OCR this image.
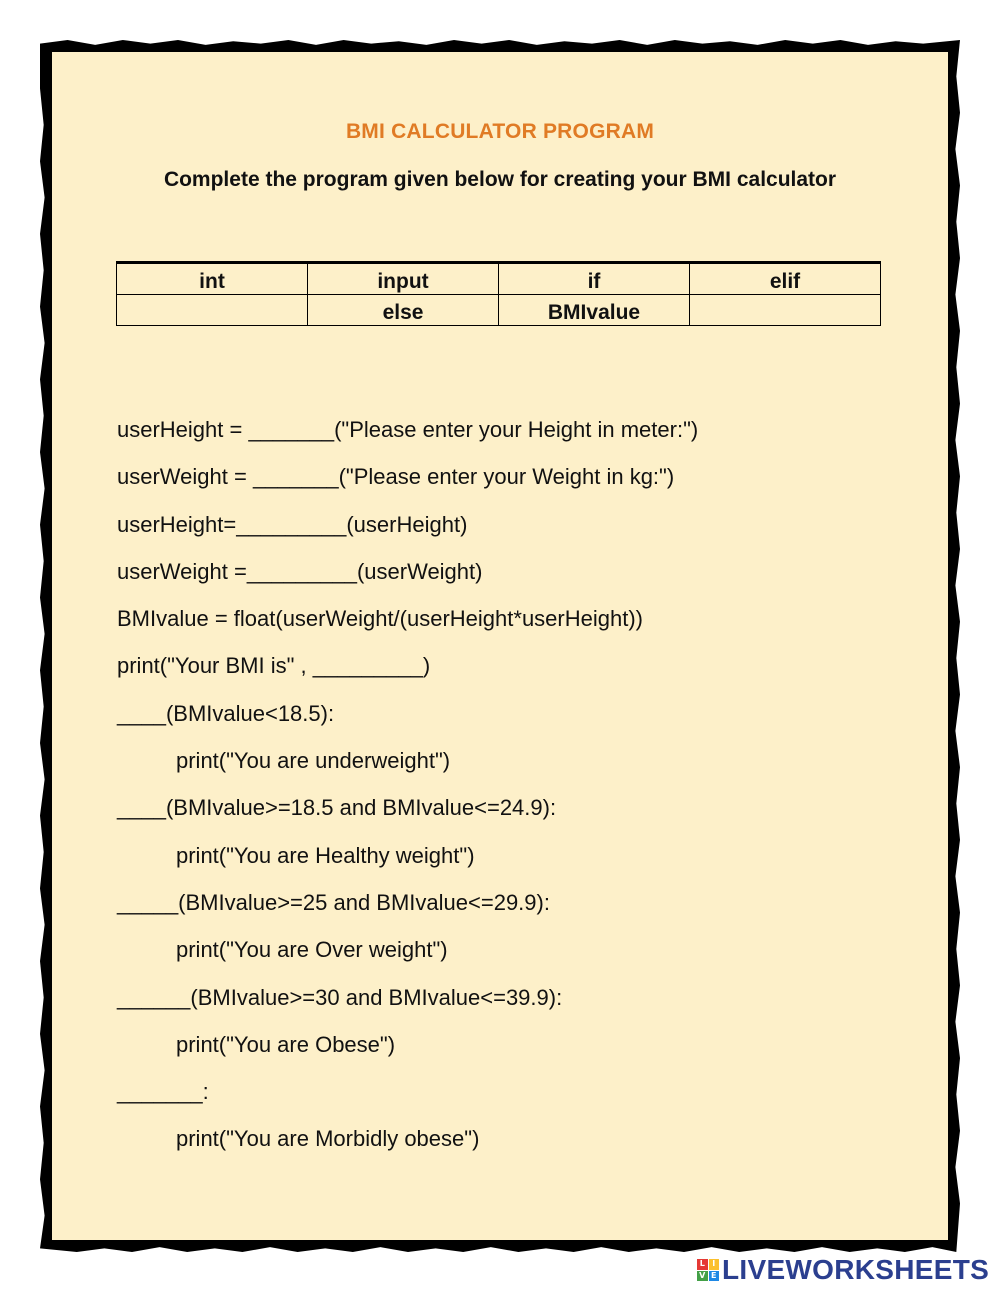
BMI CALCULATOR PROGRAM
Complete the program given below for creating your BMI calculator
int	input	if	elif
	else	BMIvalue	
userHeight = _______("Please enter your Height in meter:")
userWeight = _______("Please enter your Weight in kg:")
userHeight=_________(userHeight)
userWeight =_________(userWeight)
BMIvalue = float(userWeight/(userHeight*userHeight))
print("Your BMI is" , _________)
____(BMIvalue<18.5):
print("You are underweight")
____(BMIvalue>=18.5 and BMIvalue<=24.9):
print("You are Healthy weight")
_____(BMIvalue>=25 and BMIvalue<=29.9):
print("You are Over weight")
______(BMIvalue>=30 and BMIvalue<=39.9):
print("You are Obese")
_______:
print("You are Morbidly obese")
L I
V E LIVEWORKSHEETS
